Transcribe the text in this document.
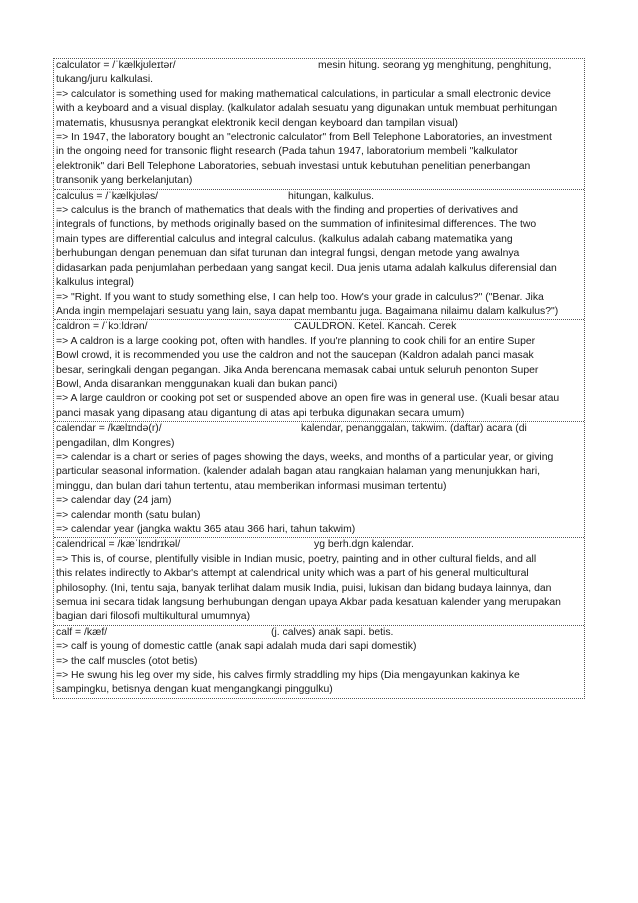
calculator = /ˈkælkjʊleɪtər/	mesin hitung. seorang yg menghitung, penghitung,
tukang/juru kalkulasi.
=> calculator is something used for making mathematical calculations, in particular a small electronic device
with a keyboard and a visual display. (kalkulator adalah sesuatu yang digunakan untuk membuat perhitungan
matematis, khususnya perangkat elektronik kecil dengan keyboard dan tampilan visual)
=> In 1947, the laboratory bought an "electronic calculator" from Bell Telephone Laboratories, an investment
in the ongoing need for transonic flight research (Pada tahun 1947, laboratorium membeli "kalkulator
elektronik" dari Bell Telephone Laboratories, sebuah investasi untuk kebutuhan penelitian penerbangan
transonik yang berkelanjutan)
calculus = /ˈkælkjʊləs/	hitungan, kalkulus.
=> calculus is the branch of mathematics that deals with the finding and properties of derivatives and
integrals of functions, by methods originally based on the summation of infinitesimal differences. The two
main types are differential calculus and integral calculus. (kalkulus adalah cabang matematika yang
berhubungan dengan penemuan dan sifat turunan dan integral fungsi, dengan metode yang awalnya
didasarkan pada penjumlahan perbedaan yang sangat kecil. Dua jenis utama adalah kalkulus diferensial dan
kalkulus integral)
=> "Right. If you want to study something else, I can help too. How's your grade in calculus?" ("Benar. Jika
Anda ingin mempelajari sesuatu yang lain, saya dapat membantu juga. Bagaimana nilaimu dalam kalkulus?")
caldron = /ˈkɔːldrən/	CAULDRON. Ketel. Kancah. Cerek
=> A caldron is a large cooking pot, often with handles. If you're planning to cook chili for an entire Super
Bowl crowd, it is recommended you use the caldron and not the saucepan (Kaldron adalah panci masak
besar, seringkali dengan pegangan. Jika Anda berencana memasak cabai untuk seluruh penonton Super
Bowl, Anda disarankan menggunakan kuali dan bukan panci)
=> A large cauldron or cooking pot set or suspended above an open fire was in general use. (Kuali besar atau
panci masak yang dipasang atau digantung di atas api terbuka digunakan secara umum)
calendar = /kælɪndə(r)/	kalendar, penanggalan, takwim. (daftar) acara (di
pengadilan, dlm Kongres)
=> calendar is a chart or series of pages showing the days, weeks, and months of a particular year, or giving
particular seasonal information. (kalender adalah bagan atau rangkaian halaman yang menunjukkan hari,
minggu, dan bulan dari tahun tertentu, atau memberikan informasi musiman tertentu)
=> calendar day (24 jam)
=> calendar month (satu bulan)
=> calendar year (jangka waktu 365 atau 366 hari, tahun takwim)
calendrical = /kæˈlɛndrɪkəl/	yg berh.dgn kalendar.
=> This is, of course, plentifully visible in Indian music, poetry, painting and in other cultural fields, and all
this relates indirectly to Akbar's attempt at calendrical unity which was a part of his general multicultural
philosophy. (Ini, tentu saja, banyak terlihat dalam musik India, puisi, lukisan dan bidang budaya lainnya, dan
semua ini secara tidak langsung berhubungan dengan upaya Akbar pada kesatuan kalender yang merupakan
bagian dari filosofi multikultural umumnya)
calf = /kæf/	(j. calves) anak sapi. betis.
=> calf is young of domestic cattle (anak sapi adalah muda dari sapi domestik)
=> the calf muscles (otot betis)
=> He swung his leg over my side, his calves firmly straddling my hips (Dia mengayunkan kakinya ke
sampingku, betisnya dengan kuat mengangkangi pinggulku)
